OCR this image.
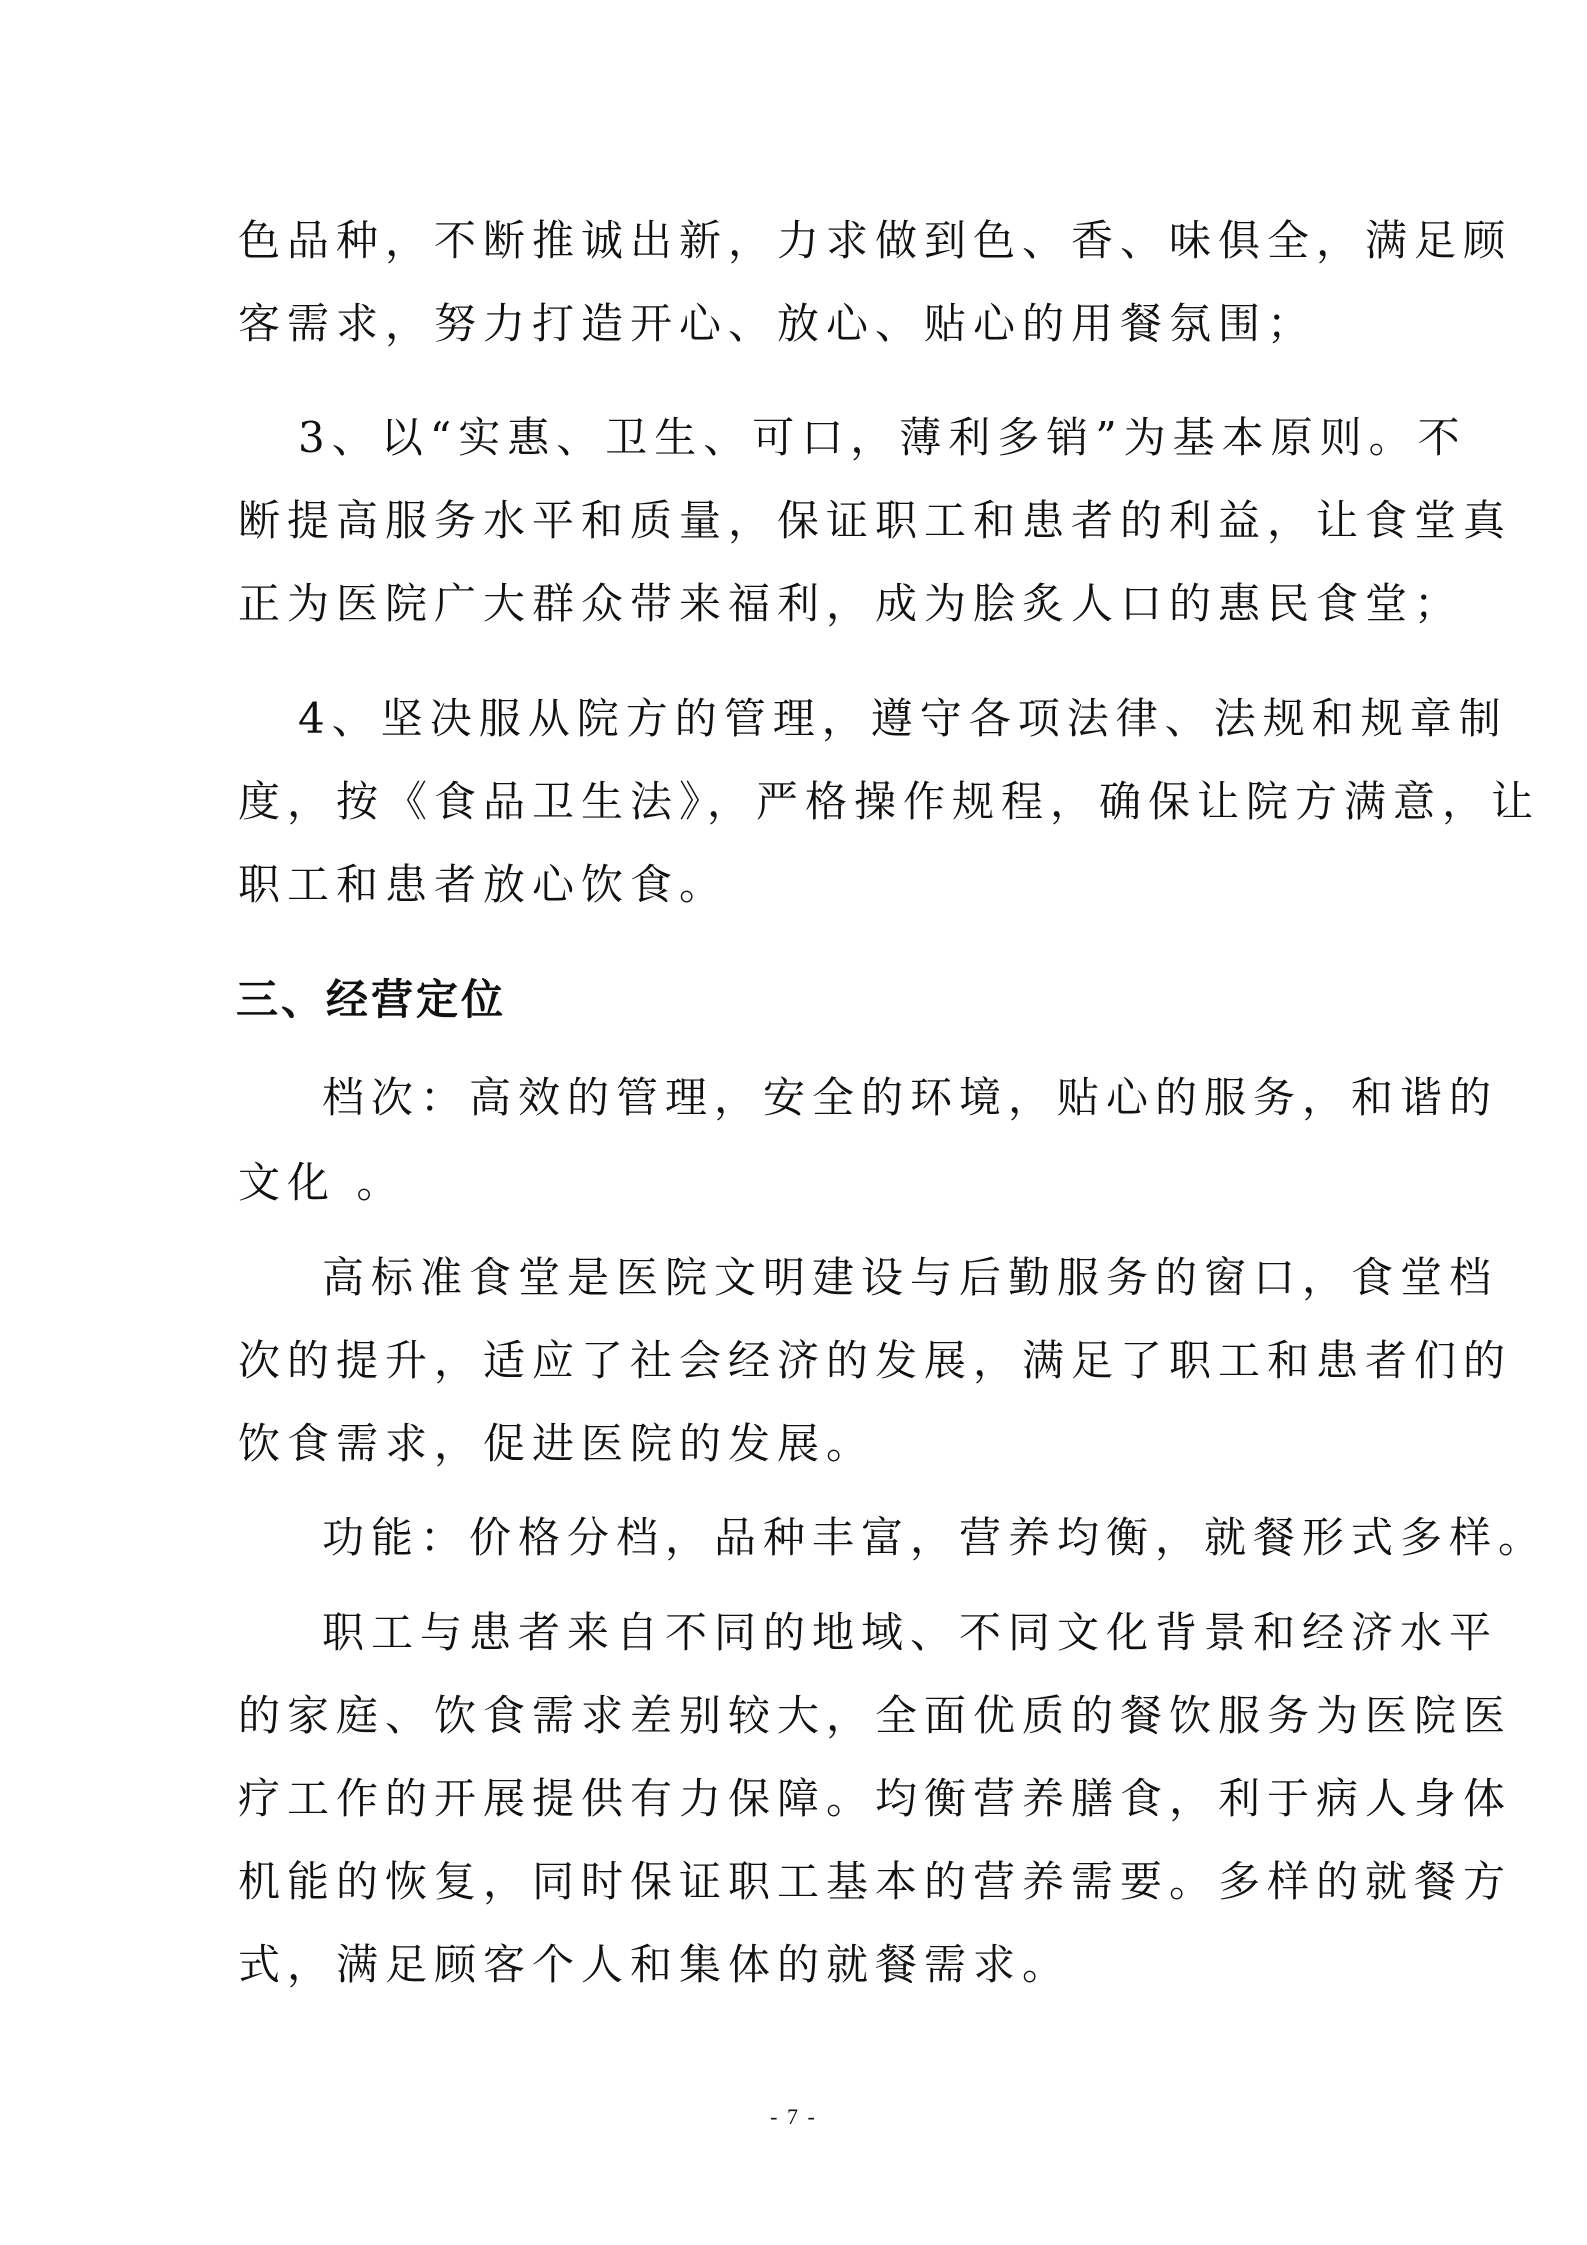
色品种，不断推诚出新，力求做到色、香、味俱全，满足顾
客需求，努力打造开心、放心、贴心的用餐氛围；
3、以“实惠、卫生、可口，薄利多销”为基本原则。不
断提高服务水平和质量，保证职工和患者的利益，让食堂真
正为医院广大群众带来福利，成为脍炙人口的惠民食堂；
4、坚决服从院方的管理，遵守各项法律、法规和规章制
度，按《食品卫生法》，严格操作规程，确保让院方满意，让
职工和患者放心饮食。
三、经营定位
档次：高效的管理，安全的环境，贴心的服务，和谐的
文化 。
高标准食堂是医院文明建设与后勤服务的窗口，食堂档
次的提升，适应了社会经济的发展，满足了职工和患者们的
饮食需求，促进医院的发展。
功能：价格分档，品种丰富，营养均衡，就餐形式多样。
职工与患者来自不同的地域、不同文化背景和经济水平
的家庭、饮食需求差别较大，全面优质的餐饮服务为医院医
疗工作的开展提供有力保障。均衡营养膳食，利于病人身体
机能的恢复，同时保证职工基本的营养需要。多样的就餐方
式，满足顾客个人和集体的就餐需求。
- 7 -
